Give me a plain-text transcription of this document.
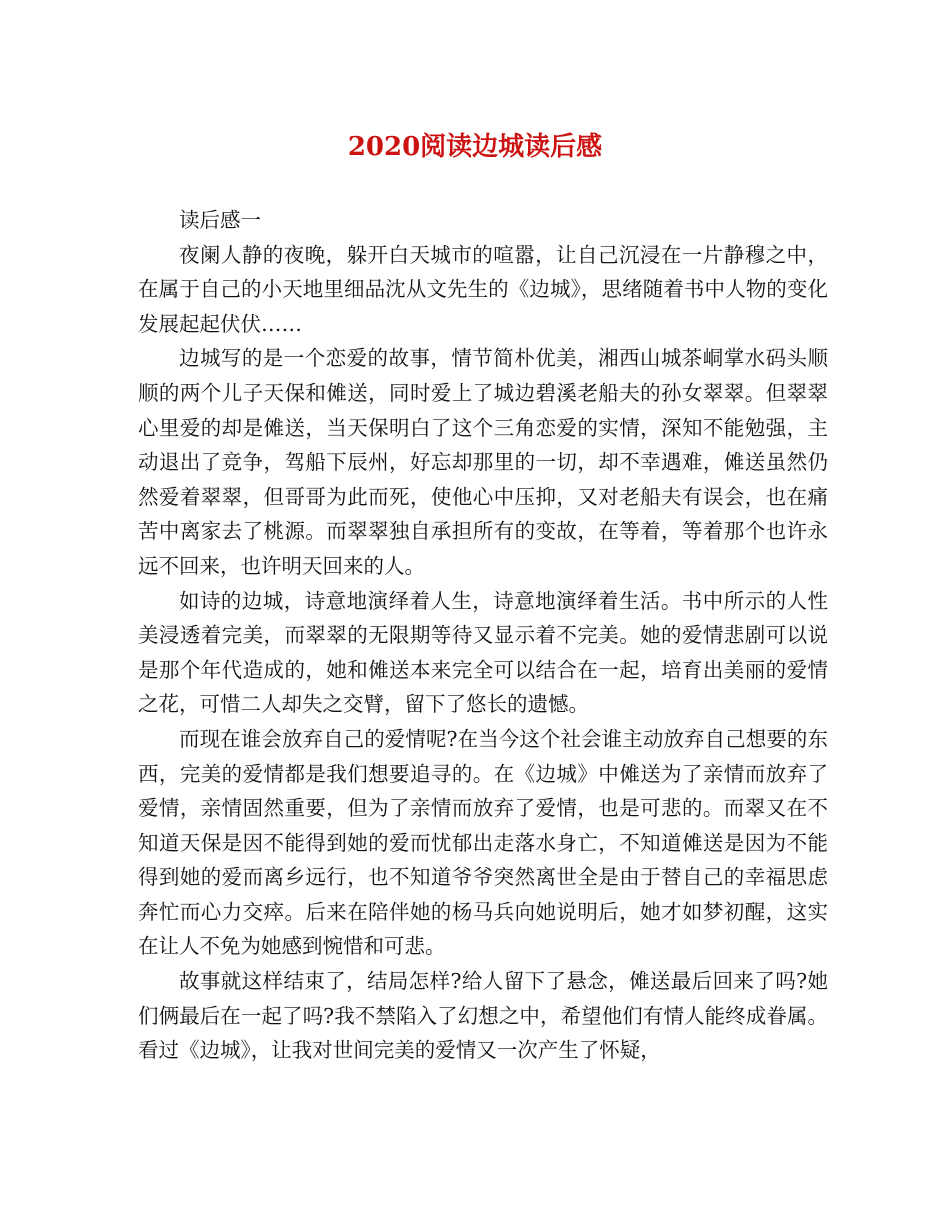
2020阅读边城读后感

读后感一

夜阑人静的夜晚，躲开白天城市的喧嚣，让自己沉浸在一片静穆之中，在属于自己的小天地里细品沈从文先生的《边城》，思绪随着书中人物的变化发展起起伏伏……

边城写的是一个恋爱的故事，情节简朴优美，湘西山城茶峒掌水码头顺顺的两个儿子天保和傩送，同时爱上了城边碧溪老船夫的孙女翠翠。但翠翠心里爱的却是傩送，当天保明白了这个三角恋爱的实情，深知不能勉强，主动退出了竞争，驾船下辰州，好忘却那里的一切，却不幸遇难，傩送虽然仍然爱着翠翠，但哥哥为此而死，使他心中压抑，又对老船夫有误会，也在痛苦中离家去了桃源。而翠翠独自承担所有的变故，在等着，等着那个也许永远不回来，也许明天回来的人。

如诗的边城，诗意地演绎着人生，诗意地演绎着生活。书中所示的人性美浸透着完美，而翠翠的无限期等待又显示着不完美。她的爱情悲剧可以说是那个年代造成的，她和傩送本来完全可以结合在一起，培育出美丽的爱情之花，可惜二人却失之交臂，留下了悠长的遗憾。

而现在谁会放弃自己的爱情呢?在当今这个社会谁主动放弃自己想要的东西，完美的爱情都是我们想要追寻的。在《边城》中傩送为了亲情而放弃了爱情，亲情固然重要，但为了亲情而放弃了爱情，也是可悲的。而翠又在不知道天保是因不能得到她的爱而忧郁出走落水身亡，不知道傩送是因为不能得到她的爱而离乡远行，也不知道爷爷突然离世全是由于替自己的幸福思虑奔忙而心力交瘁。后来在陪伴她的杨马兵向她说明后，她才如梦初醒，这实在让人不免为她感到惋惜和可悲。

故事就这样结束了，结局怎样?给人留下了悬念，傩送最后回来了吗?她们俩最后在一起了吗?我不禁陷入了幻想之中，希望他们有情人能终成眷属。看过《边城》，让我对世间完美的爱情又一次产生了怀疑，
